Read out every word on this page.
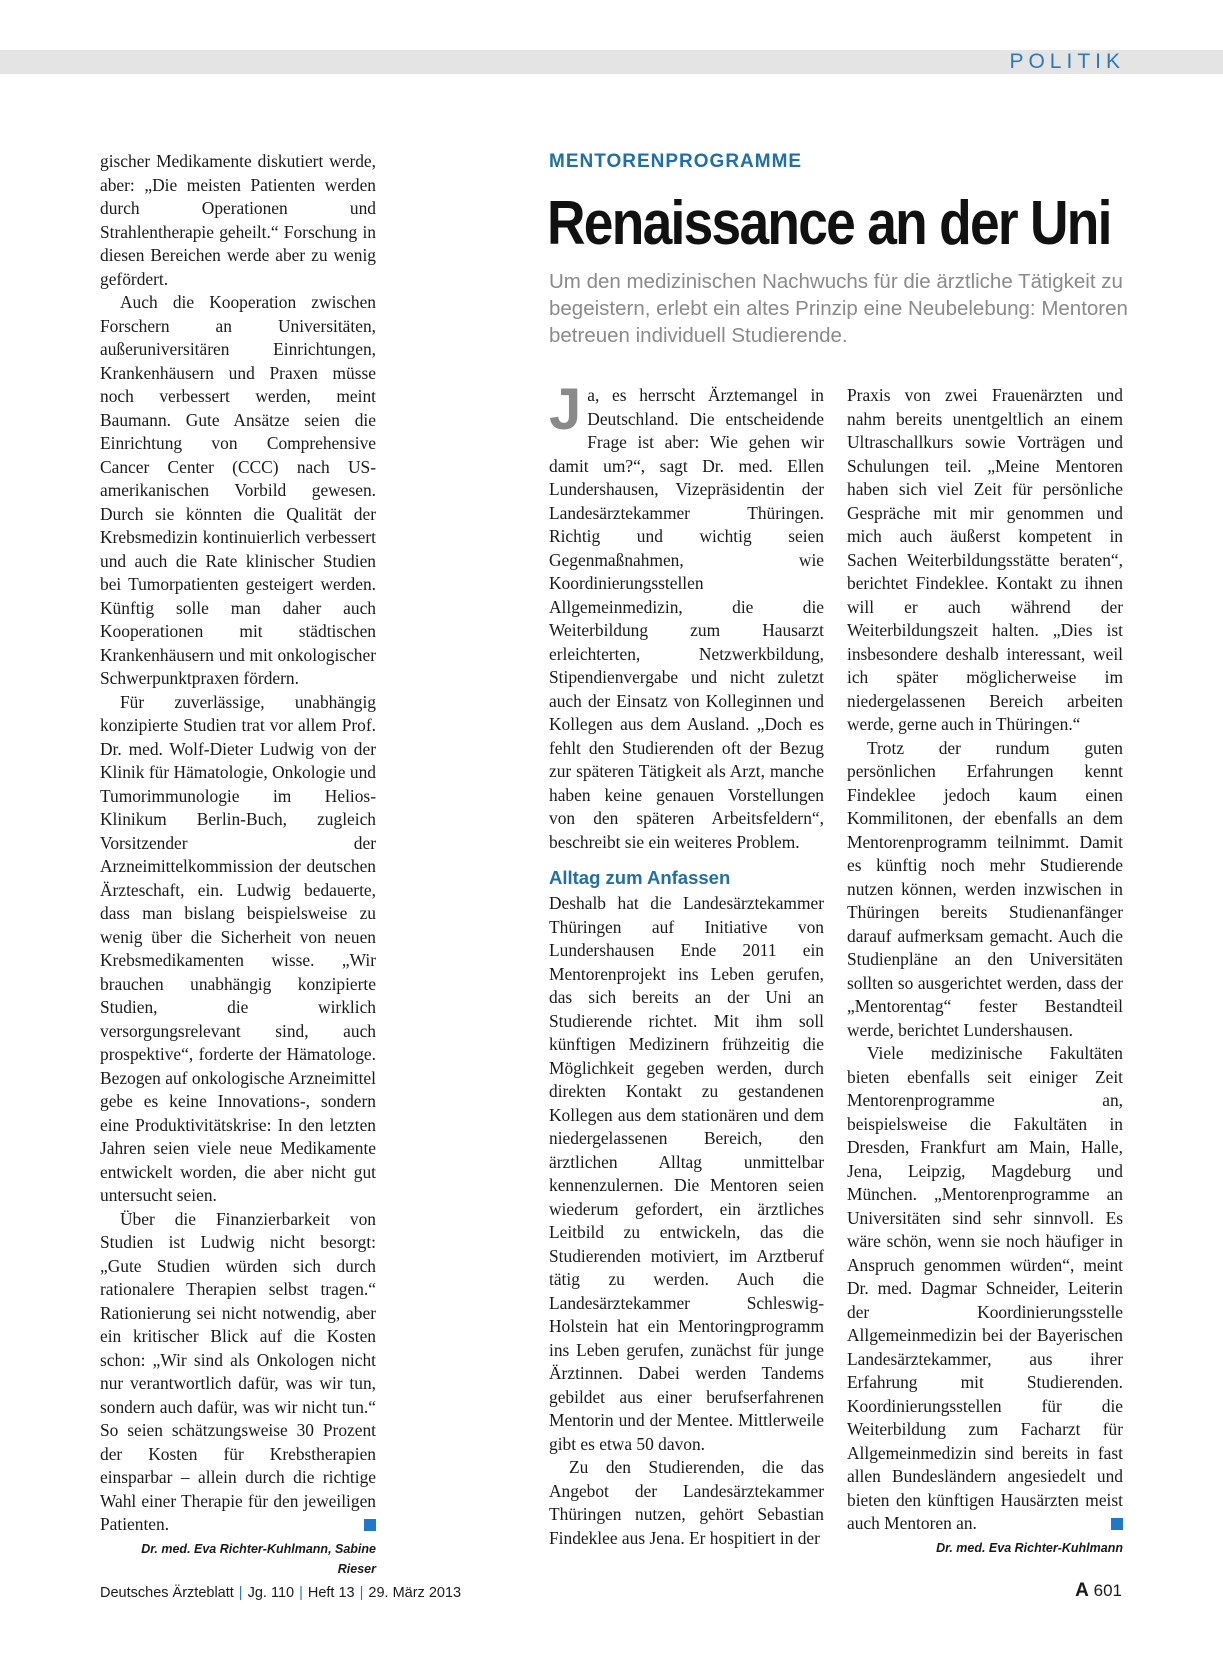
POLITIK

gischer Medikamente diskutiert werde, aber: „Die meisten Patienten werden durch Operationen und Strahlentherapie geheilt.“ Forschung in diesen Bereichen werde aber zu wenig gefördert.

Auch die Kooperation zwischen Forschern an Universitäten, außeruniversitären Einrichtungen, Krankenhäusern und Praxen müsse noch verbessert werden, meint Baumann. Gute Ansätze seien die Einrichtung von Comprehensive Cancer Center (CCC) nach US-amerikanischen Vorbild gewesen. Durch sie könnten die Qualität der Krebsmedizin kontinuierlich verbessert und auch die Rate klinischer Studien bei Tumorpatienten gesteigert werden. Künftig solle man daher auch Kooperationen mit städtischen Krankenhäusern und mit onkologischer Schwerpunktpraxen fördern.

Für zuverlässige, unabhängig konzipierte Studien trat vor allem Prof. Dr. med. Wolf-Dieter Ludwig von der Klinik für Hämatologie, Onkologie und Tumorimmunologie im Helios-Klinikum Berlin-Buch, zugleich Vorsitzender der Arzneimittelkommission der deutschen Ärzteschaft, ein. Ludwig bedauerte, dass man bislang beispielsweise zu wenig über die Sicherheit von neuen Krebsmedikamenten wisse. „Wir brauchen unabhängig konzipierte Studien, die wirklich versorgungsrelevant sind, auch prospektive“, forderte der Hämatologe. Bezogen auf onkologische Arzneimittel gebe es keine Innovations-, sondern eine Produktivitätskrise: In den letzten Jahren seien viele neue Medikamente entwickelt worden, die aber nicht gut untersucht seien.

Über die Finanzierbarkeit von Studien ist Ludwig nicht besorgt: „Gute Studien würden sich durch rationalere Therapien selbst tragen.“ Rationierung sei nicht notwendig, aber ein kritischer Blick auf die Kosten schon: „Wir sind als Onkologen nicht nur verantwortlich dafür, was wir tun, sondern auch dafür, was wir nicht tun.“ So seien schätzungsweise 30 Prozent der Kosten für Krebstherapien einsparbar – allein durch die richtige Wahl einer Therapie für den jeweiligen Patienten.

Dr. med. Eva Richter-Kuhlmann, Sabine Rieser
MENTORENPROGRAMME
Renaissance an der Uni
Um den medizinischen Nachwuchs für die ärztliche Tätigkeit zu begeistern, erlebt ein altes Prinzip eine Neubelebung: Mentoren betreuen individuell Studierende.

Ja, es herrscht Ärztemangel in Deutschland. Die entscheidende Frage ist aber: Wie gehen wir damit um?“, sagt Dr. med. Ellen Lundershausen, Vizepräsidentin der Landesärztekammer Thüringen. Richtig und wichtig seien Gegenmaßnahmen, wie Koordinierungsstellen Allgemeinmedizin, die die Weiterbildung zum Hausarzt erleichterten, Netzwerkbildung, Stipendienvergabe und nicht zuletzt auch der Einsatz von Kolleginnen und Kollegen aus dem Ausland. „Doch es fehlt den Studierenden oft der Bezug zur späteren Tätigkeit als Arzt, manche haben keine genauen Vorstellungen von den späteren Arbeitsfeldern“, beschreibt sie ein weiteres Problem.

Alltag zum Anfassen

Deshalb hat die Landesärztekammer Thüringen auf Initiative von Lundershausen Ende 2011 ein Mentorenprojekt ins Leben gerufen, das sich bereits an der Uni an Studierende richtet. Mit ihm soll künftigen Medizinern frühzeitig die Möglichkeit gegeben werden, durch direkten Kontakt zu gestandenen Kollegen aus dem stationären und dem niedergelassenen Bereich, den ärztlichen Alltag unmittelbar kennenzulernen. Die Mentoren seien wiederum gefordert, ein ärztliches Leitbild zu entwickeln, das die Studierenden motiviert, im Arztberuf tätig zu werden. Auch die Landesärztekammer Schleswig-Holstein hat ein Mentoringprogramm ins Leben gerufen, zunächst für junge Ärztinnen. Dabei werden Tandems gebildet aus einer berufserfahrenen Mentorin und der Mentee. Mittlerweile gibt es etwa 50 davon.

Zu den Studierenden, die das Angebot der Landesärztekammer Thüringen nutzen, gehört Sebastian Findeklee aus Jena. Er hospitiert in der

Praxis von zwei Frauenärzten und nahm bereits unentgeltlich an einem Ultraschallkurs sowie Vorträgen und Schulungen teil. „Meine Mentoren haben sich viel Zeit für persönliche Gespräche mit mir genommen und mich auch äußerst kompetent in Sachen Weiterbildungsstätte beraten“, berichtet Findeklee. Kontakt zu ihnen will er auch während der Weiterbildungszeit halten. „Dies ist insbesondere deshalb interessant, weil ich später möglicherweise im niedergelassenen Bereich arbeiten werde, gerne auch in Thüringen.“

Trotz der rundum guten persönlichen Erfahrungen kennt Findeklee jedoch kaum einen Kommilitonen, der ebenfalls an dem Mentorenprogramm teilnimmt. Damit es künftig noch mehr Studierende nutzen können, werden inzwischen in Thüringen bereits Studienanfänger darauf aufmerksam gemacht. Auch die Studienpläne an den Universitäten sollten so ausgerichtet werden, dass der „Mentorentag“ fester Bestandteil werde, berichtet Lundershausen.

Viele medizinische Fakultäten bieten ebenfalls seit einiger Zeit Mentorenprogramme an, beispielsweise die Fakultäten in Dresden, Frankfurt am Main, Halle, Jena, Leipzig, Magdeburg und München. „Mentorenprogramme an Universitäten sind sehr sinnvoll. Es wäre schön, wenn sie noch häufiger in Anspruch genommen würden“, meint Dr. med. Dagmar Schneider, Leiterin der Koordinierungsstelle Allgemeinmedizin bei der Bayerischen Landesärztekammer, aus ihrer Erfahrung mit Studierenden. Koordinierungsstellen für die Weiterbildung zum Facharzt für Allgemeinmedizin sind bereits in fast allen Bundesländern angesiedelt und bieten den künftigen Hausärzten meist auch Mentoren an.

Dr. med. Eva Richter-Kuhlmann
Deutsches Ärzteblatt | Jg. 110 | Heft 13 | 29. März 2013	A 601
